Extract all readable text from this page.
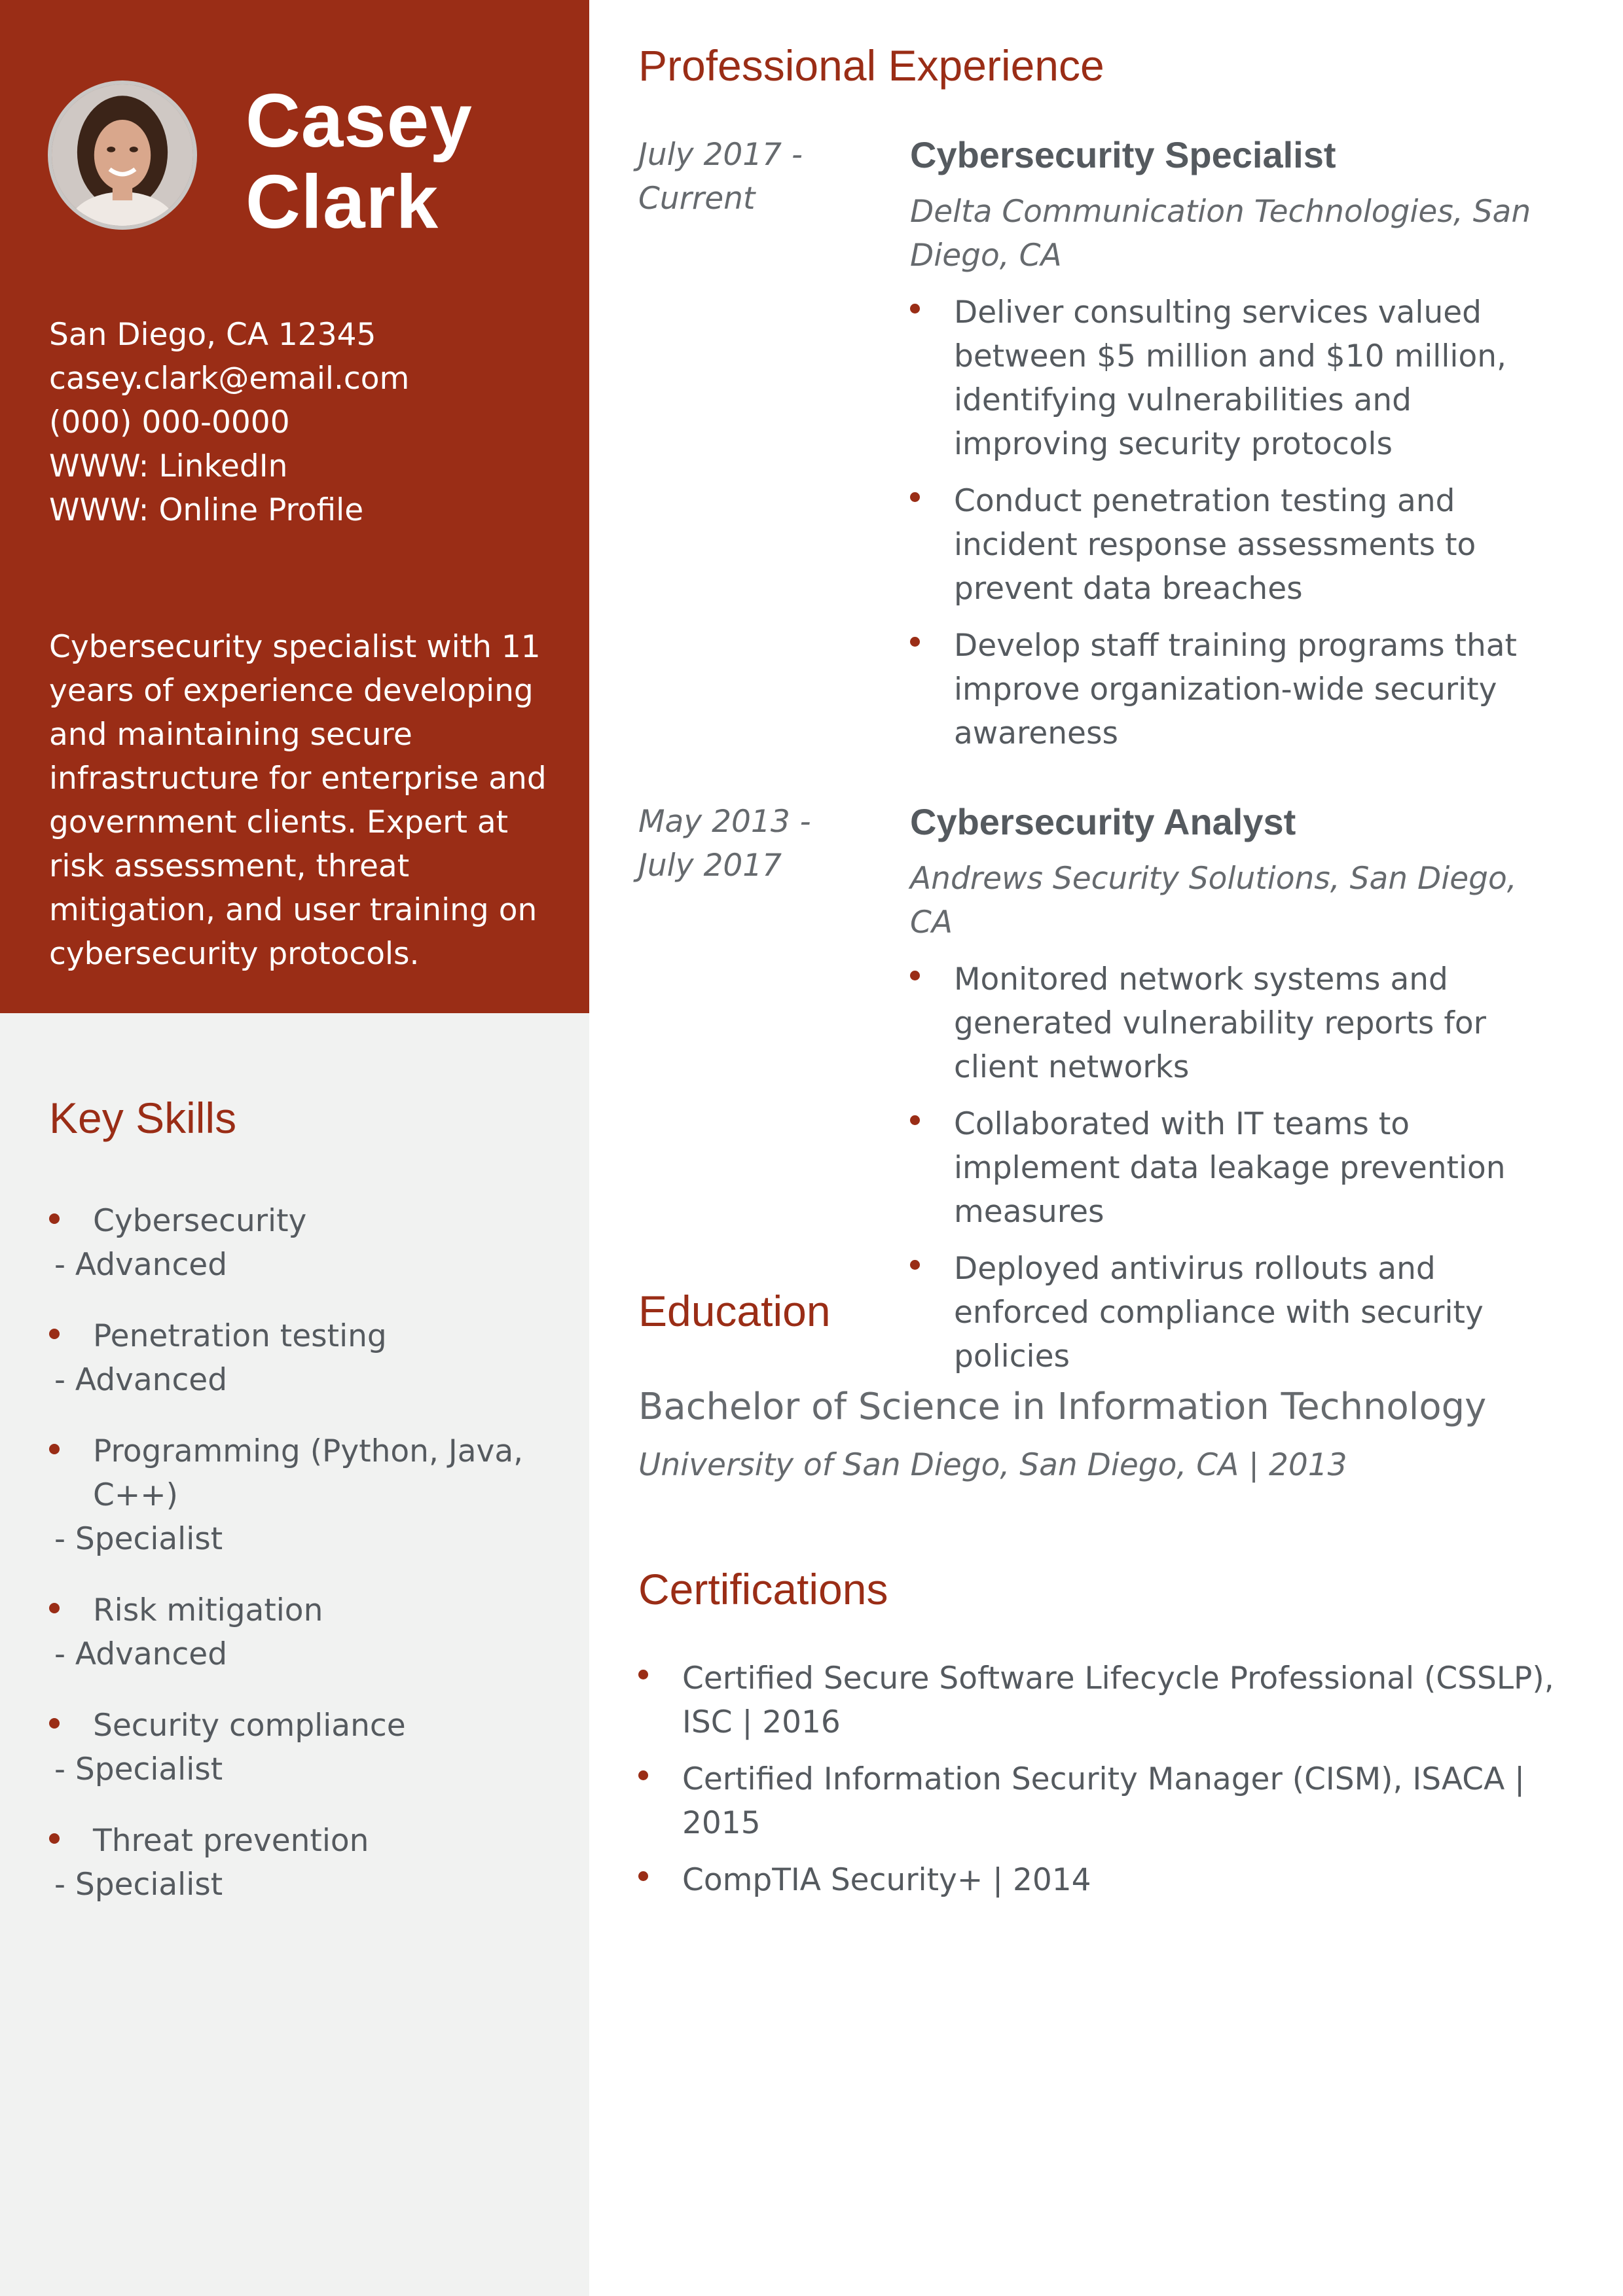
Casey
Clark
San Diego, CA 12345
casey.clark@email.com
(000) 000-0000
WWW: LinkedIn
WWW: Online Profile
Cybersecurity specialist with 11 years of experience developing and maintaining secure infrastructure for enterprise and government clients. Expert at risk assessment, threat mitigation, and user training on cybersecurity protocols.
Key Skills
Cybersecurity
- Advanced
Penetration testing
- Advanced
Programming (Python, Java, C++)
- Specialist
Risk mitigation
- Advanced
Security compliance
- Specialist
Threat prevention
- Specialist
Professional Experience
July 2017 - Current
Cybersecurity Specialist
Delta Communication Technologies, San Diego, CA
Deliver consulting services valued between $5 million and $10 million, identifying vulnerabilities and improving security protocols
Conduct penetration testing and incident response assessments to prevent data breaches
Develop staff training programs that improve organization-wide security awareness
May 2013 - July 2017
Cybersecurity Analyst
Andrews Security Solutions, San Diego, CA
Monitored network systems and generated vulnerability reports for client networks
Collaborated with IT teams to implement data leakage prevention measures
Deployed antivirus rollouts and enforced compliance with security policies
Education
Bachelor of Science in Information Technology
University of San Diego, San Diego, CA | 2013
Certifications
Certified Secure Software Lifecycle Professional (CSSLP), ISC | 2016
Certified Information Security Manager (CISM), ISACA | 2015
CompTIA Security+ | 2014
